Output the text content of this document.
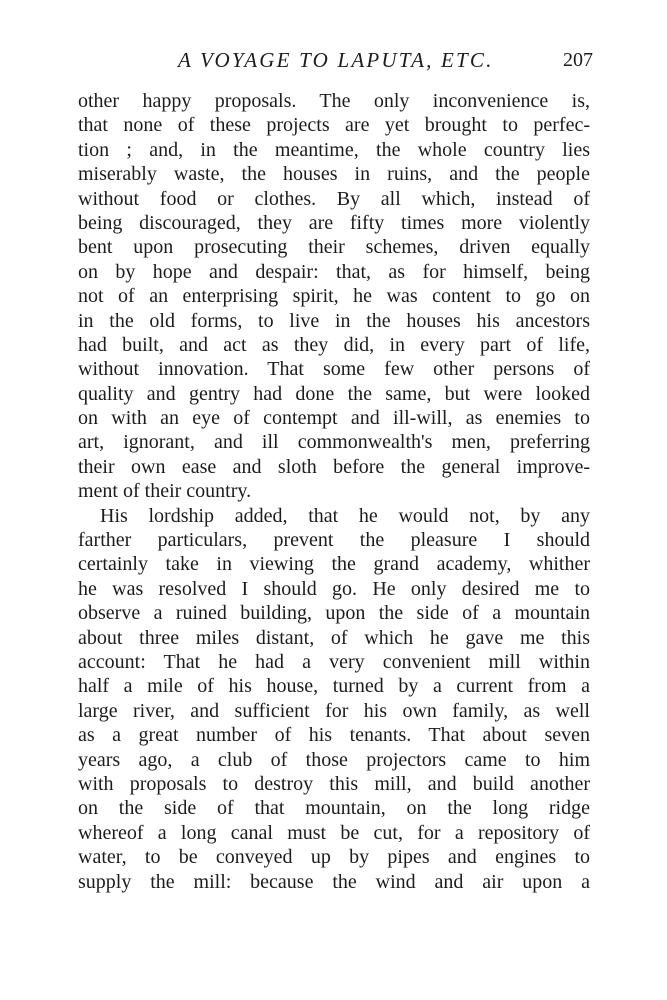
A VOYAGE TO LAPUTA, ETC.	207
other happy proposals. The only inconvenience is,
that none of these projects are yet brought to perfec-
tion ; and, in the meantime, the whole country lies
miserably waste, the houses in ruins, and the people
without food or clothes. By all which, instead of
being discouraged, they are fifty times more violently
bent upon prosecuting their schemes, driven equally
on by hope and despair: that, as for himself, being
not of an enterprising spirit, he was content to go on
in the old forms, to live in the houses his ancestors
had built, and act as they did, in every part of life,
without innovation. That some few other persons of
quality and gentry had done the same, but were looked
on with an eye of contempt and ill-will, as enemies to
art, ignorant, and ill commonwealth's men, preferring
their own ease and sloth before the general improve-
ment of their country.
His lordship added, that he would not, by any
farther particulars, prevent the pleasure I should
certainly take in viewing the grand academy, whither
he was resolved I should go. He only desired me to
observe a ruined building, upon the side of a mountain
about three miles distant, of which he gave me this
account: That he had a very convenient mill within
half a mile of his house, turned by a current from a
large river, and sufficient for his own family, as well
as a great number of his tenants. That about seven
years ago, a club of those projectors came to him
with proposals to destroy this mill, and build another
on the side of that mountain, on the long ridge
whereof a long canal must be cut, for a repository of
water, to be conveyed up by pipes and engines to
supply the mill: because the wind and air upon a
